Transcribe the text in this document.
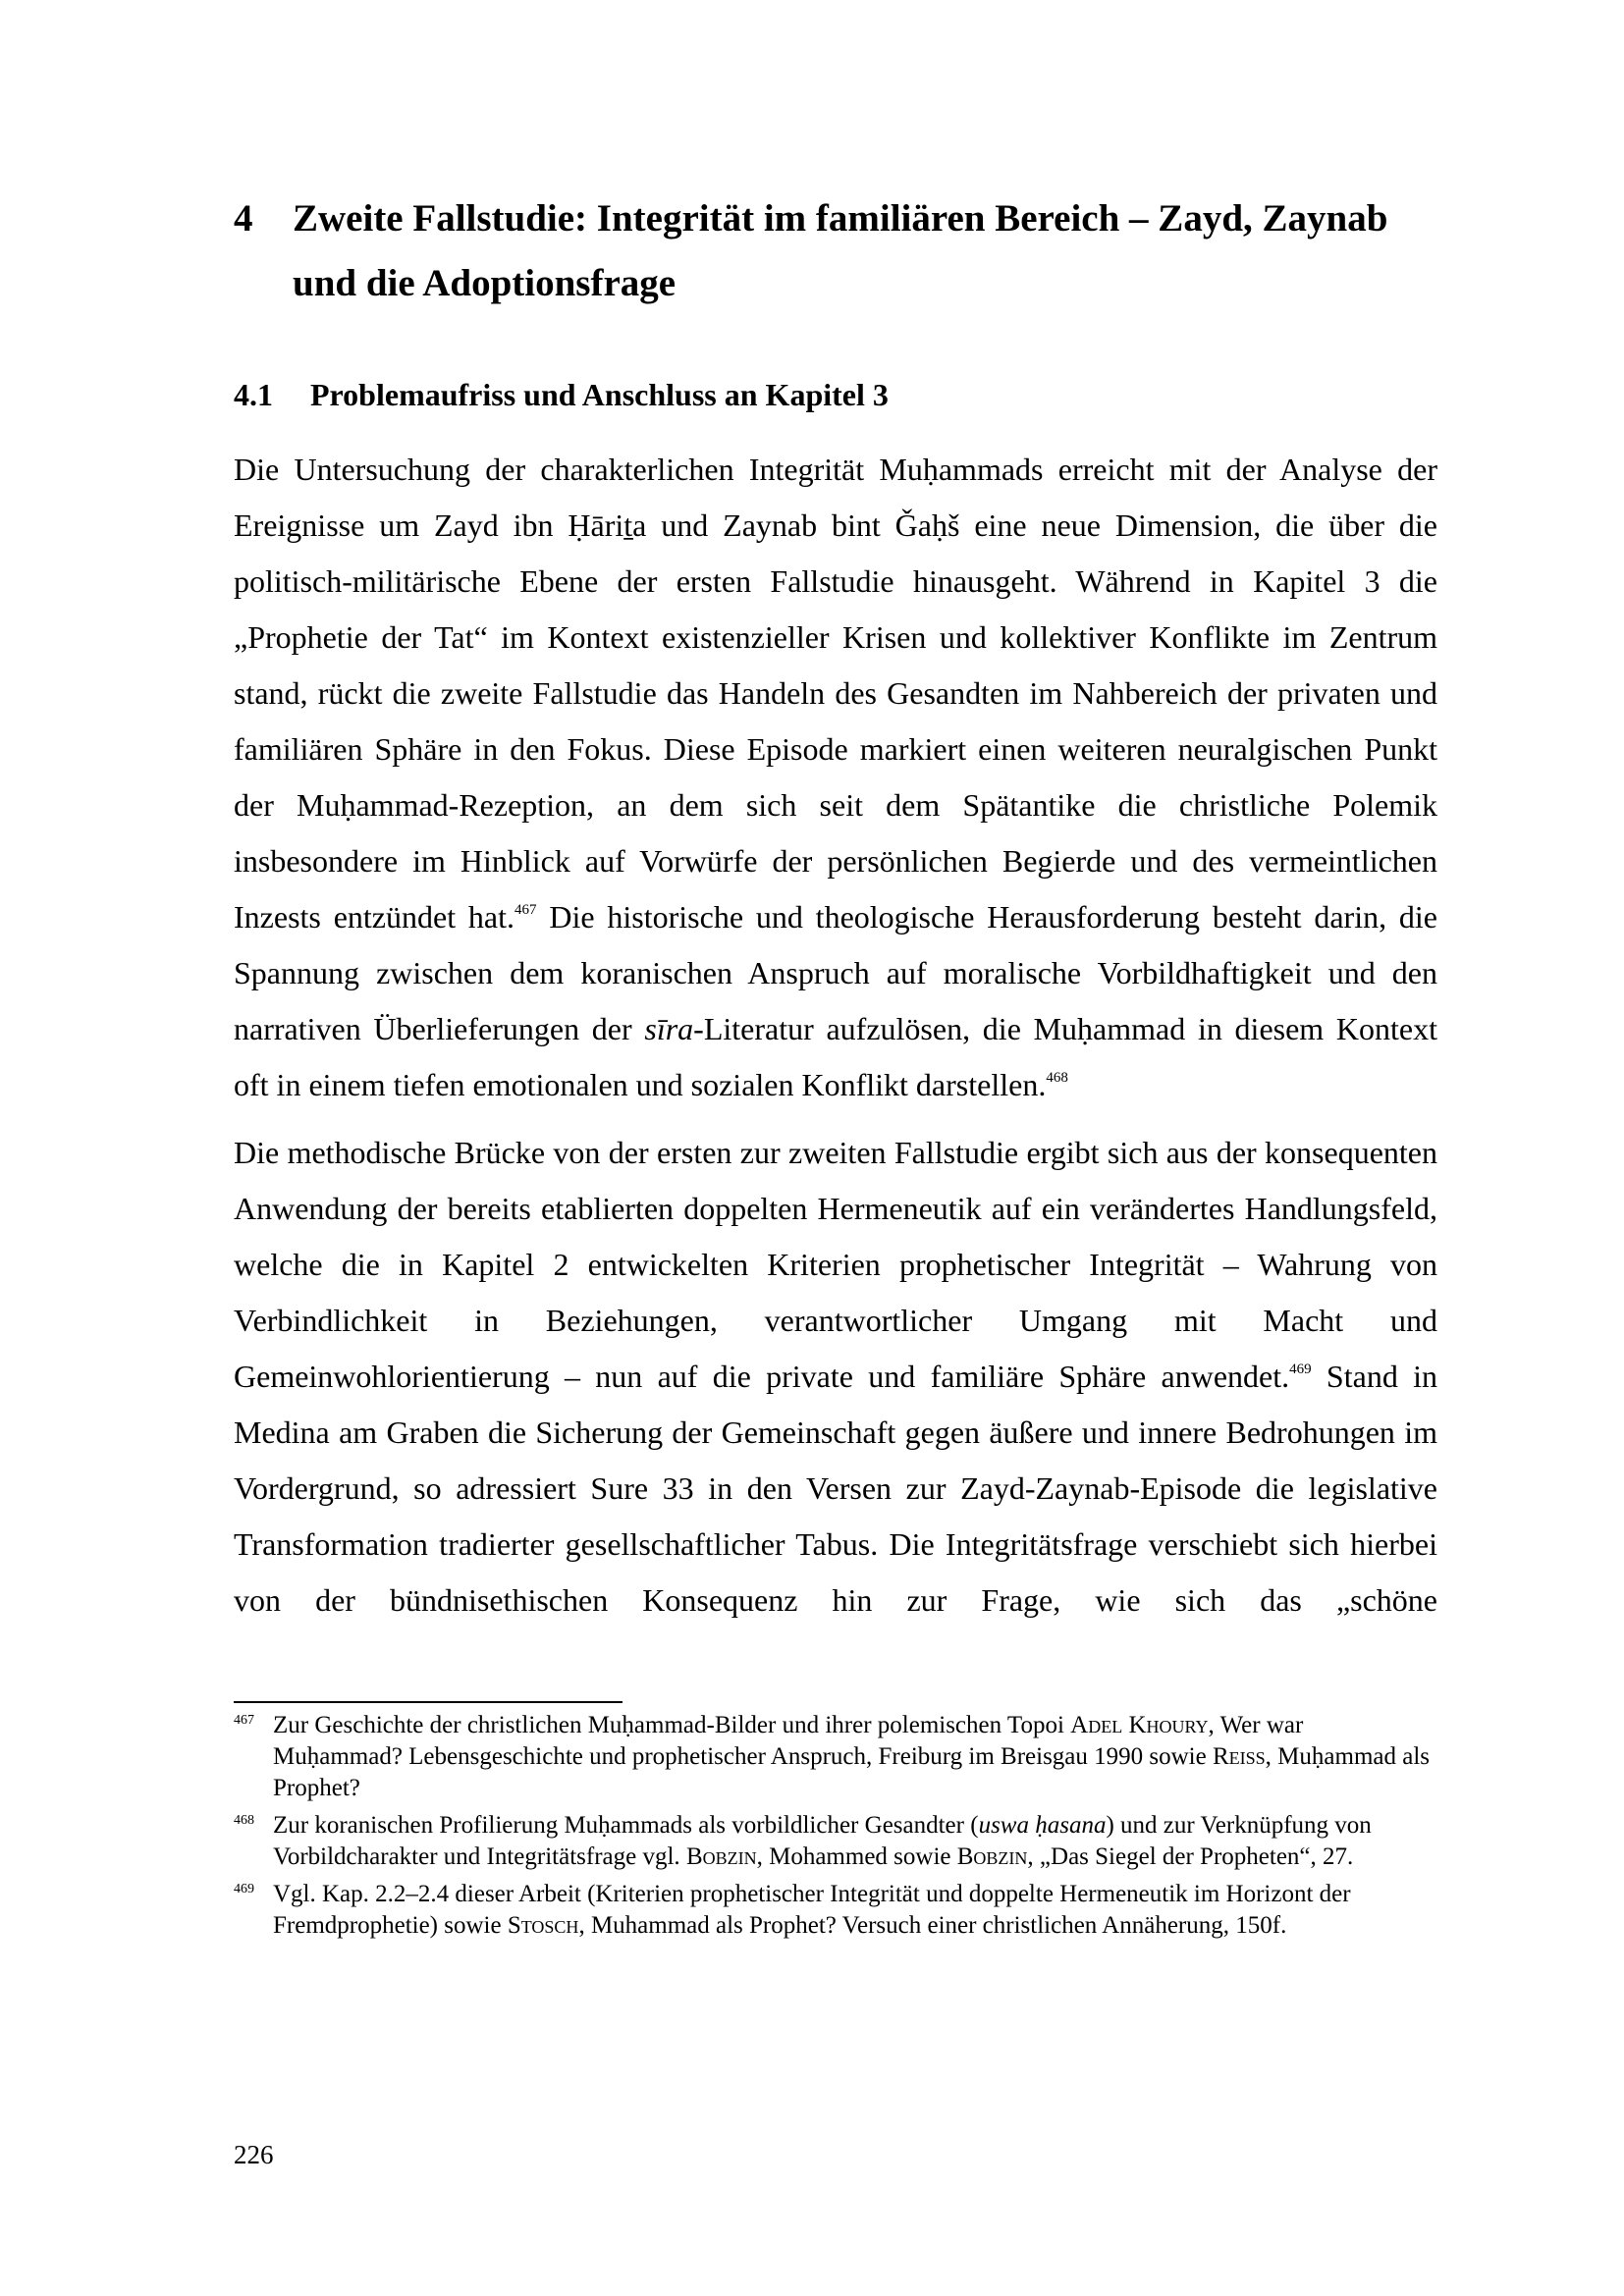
4 Zweite Fallstudie: Integrität im familiären Bereich – Zayd, Zaynab und die Adoptionsfrage
4.1 Problemaufriss und Anschluss an Kapitel 3

Die Untersuchung der charakterlichen Integrität Muḥammads erreicht mit der Analyse der Ereignisse um Zayd ibn Ḥāriṯa und Zaynab bint Ǧaḥš eine neue Dimension, die über die politisch-militärische Ebene der ersten Fallstudie hinausgeht. Während in Kapitel 3 die „Prophetie der Tat“ im Kontext existenzieller Krisen und kollektiver Konflikte im Zentrum stand, rückt die zweite Fallstudie das Handeln des Gesandten im Nahbereich der privaten und familiären Sphäre in den Fokus. Diese Episode markiert einen weiteren neuralgischen Punkt der Muḥammad-Rezeption, an dem sich seit dem Spätantike die christliche Polemik insbesondere im Hinblick auf Vorwürfe der persönlichen Begierde und des vermeintlichen Inzests entzündet hat.$^{467}$ Die historische und theologische Herausforderung besteht darin, die Spannung zwischen dem koranischen Anspruch auf moralische Vorbildhaftigkeit und den narrativen Überlieferungen der sīra-Literatur aufzulösen, die Muḥammad in diesem Kontext oft in einem tiefen emotionalen und sozialen Konflikt darstellen.$^{468}$

Die methodische Brücke von der ersten zur zweiten Fallstudie ergibt sich aus der konsequenten Anwendung der bereits etablierten doppelten Hermeneutik auf ein verändertes Handlungsfeld, welche die in Kapitel 2 entwickelten Kriterien prophetischer Integrität – Wahrung von Verbindlichkeit in Beziehungen, verantwortlicher Umgang mit Macht und Gemeinwohlorientierung – nun auf die private und familiäre Sphäre anwendet.$^{469}$ Stand in Medina am Graben die Sicherung der Gemeinschaft gegen äußere und innere Bedrohungen im Vordergrund, so adressiert Sure 33 in den Versen zur Zayd-Zaynab-Episode die legislative Transformation tradierter gesellschaftlicher Tabus. Die Integritätsfrage verschiebt sich hierbei von der bündnisethischen Konsequenz hin zur Frage, wie sich das „schöne

467 Zur Geschichte der christlichen Muḥammad-Bilder und ihrer polemischen Topoi Adel Khoury, Wer war Muḥammad? Lebensgeschichte und prophetischer Anspruch, Freiburg im Breisgau 1990 sowie Reiss, Muḥammad als Prophet?
468 Zur koranischen Profilierung Muḥammads als vorbildlicher Gesandter (uswa ḥasana) und zur Verknüpfung von Vorbildcharakter und Integritätsfrage vgl. Bobzin, Mohammed sowie Bobzin, „Das Siegel der Propheten“, 27.
469 Vgl. Kap. 2.2–2.4 dieser Arbeit (Kriterien prophetischer Integrität und doppelte Hermeneutik im Horizont der Fremdprophetie) sowie Stosch, Muhammad als Prophet? Versuch einer christlichen Annäherung, 150f.
226
